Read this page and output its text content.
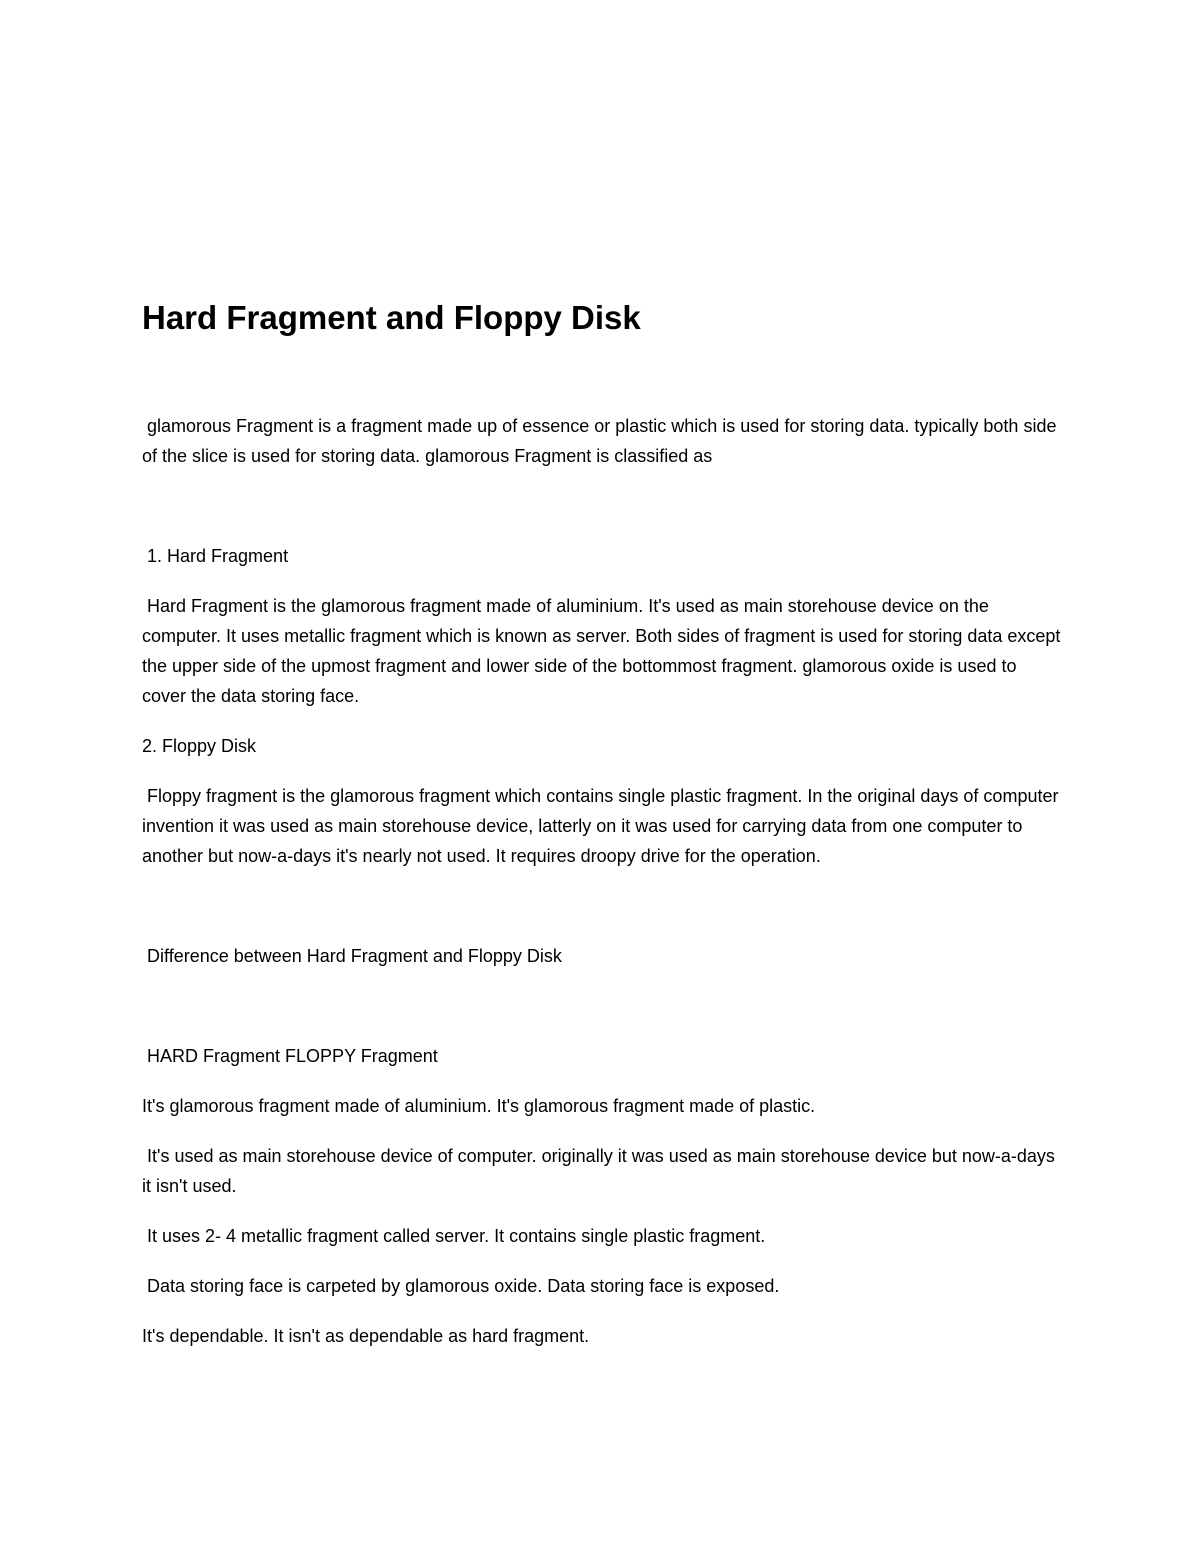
Hard Fragment and Floppy Disk

glamorous Fragment is a fragment made up of essence or plastic which is used for storing data. typically both side of the slice is used for storing data. glamorous Fragment is classified as

1. Hard Fragment

Hard Fragment is the glamorous fragment made of aluminium. It's used as main storehouse device on the computer. It uses metallic fragment which is known as server. Both sides of fragment is used for storing data except the upper side of the upmost fragment and lower side of the bottommost fragment. glamorous oxide is used to cover the data storing face.

2. Floppy Disk

Floppy fragment is the glamorous fragment which contains single plastic fragment. In the original days of computer invention it was used as main storehouse device, latterly on it was used for carrying data from one computer to another but now-a-days it's nearly not used. It requires droopy drive for the operation.

Difference between Hard Fragment and Floppy Disk

HARD Fragment FLOPPY Fragment

It's glamorous fragment made of aluminium. It's glamorous fragment made of plastic.

It's used as main storehouse device of computer. originally it was used as main storehouse device but now-a-days it isn't used.

It uses 2- 4 metallic fragment called server. It contains single plastic fragment.

Data storing face is carpeted by glamorous oxide. Data storing face is exposed.

It's dependable. It isn't as dependable as hard fragment.
